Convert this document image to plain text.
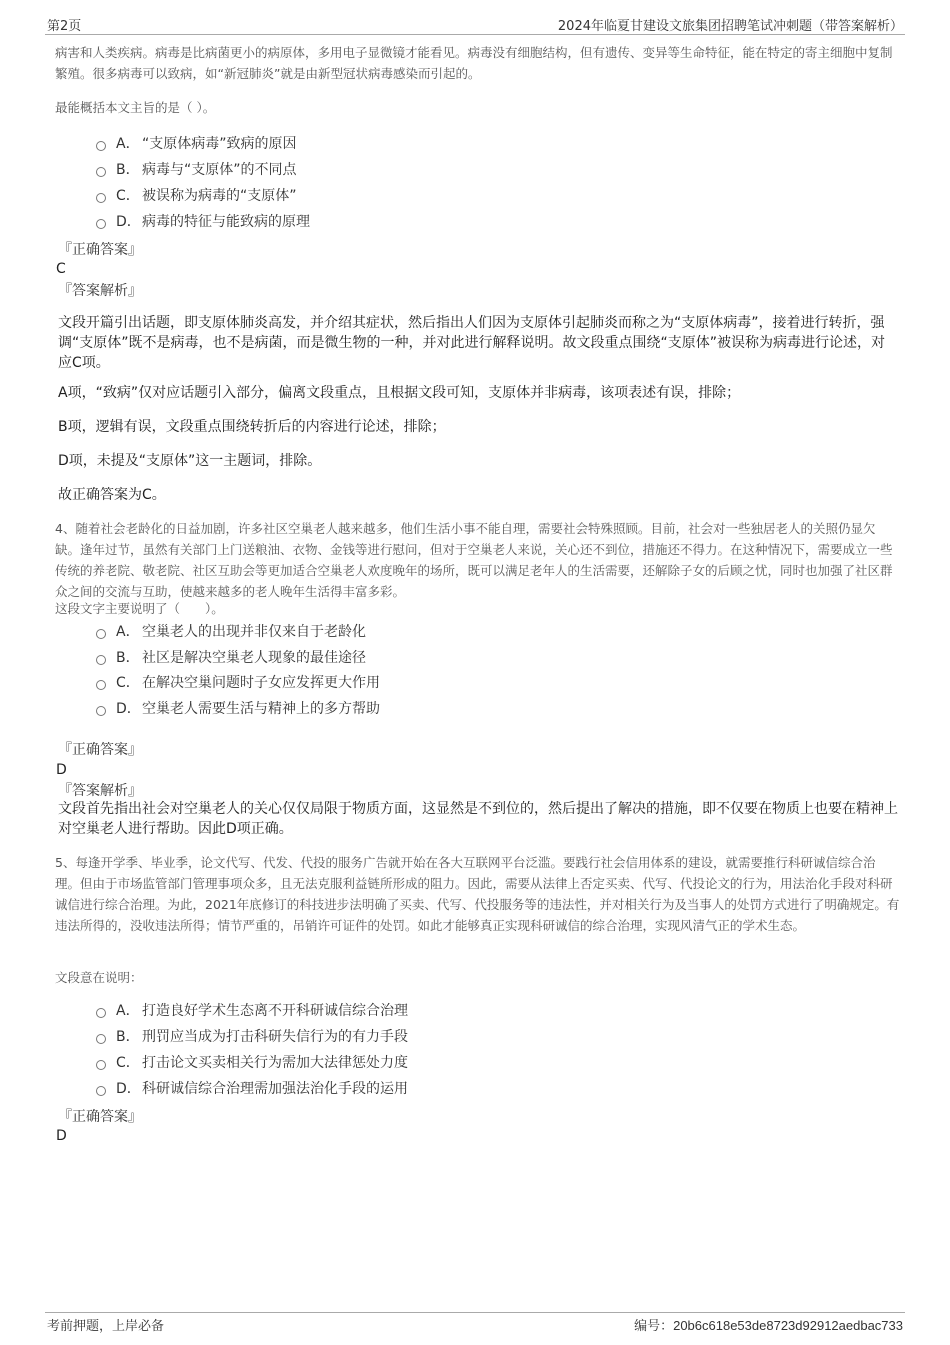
第2页	2024年临夏甘建设文旅集团招聘笔试冲刺题（带答案解析）
病害和人类疾病。病毒是比病菌更小的病原体，多用电子显微镜才能看见。病毒没有细胞结构，但有遗传、变异等生命特征，能在特定的寄主细胞中复制繁殖。很多病毒可以致病，如“新冠肺炎”就是由新型冠状病毒感染而引起的。
最能概括本文主旨的是（ ）。
A． “支原体病毒”致病的原因
B． 病毒与“支原体”的不同点
C． 被误称为病毒的“支原体”
D．病毒的特征与能致病的原理
『正确答案』
C
『答案解析』
文段开篇引出话题，即支原体肺炎高发，并介绍其症状，然后指出人们因为支原体引起肺炎而称之为“支原体病毒”，接着进行转折，强调“支原体”既不是病毒，也不是病菌，而是微生物的一种，并对此进行解释说明。故文段重点围绕“支原体”被误称为病毒进行论述，对应C项。
A项，“致病”仅对应话题引入部分，偏离文段重点，且根据文段可知，支原体并非病毒，该项表述有误，排除；
B项，逻辑有误，文段重点围绕转折后的内容进行论述，排除；
D项，未提及“支原体”这一主题词，排除。
故正确答案为C。
4、随着社会老龄化的日益加剧，许多社区空巢老人越来越多，他们生活小事不能自理，需要社会特殊照顾。目前，社会对一些独居老人的关照仍显欠缺。逢年过节，虽然有关部门上门送粮油、衣物、金钱等进行慰问，但对于空巢老人来说，关心还不到位，措施还不得力。在这种情况下，需要成立一些传统的养老院、敬老院、社区互助会等更加适合空巢老人欢度晚年的场所，既可以满足老年人的生活需要，还解除子女的后顾之忧，同时也加强了社区群众之间的交流与互助，使越来越多的老人晚年生活得丰富多彩。
这段文字主要说明了（　　）。
A． 空巢老人的出现并非仅来自于老龄化
B． 社区是解决空巢老人现象的最佳途径
C． 在解决空巢问题时子女应发挥更大作用
D．空巢老人需要生活与精神上的多方帮助
『正确答案』
D
『答案解析』
文段首先指出社会对空巢老人的关心仅仅局限于物质方面，这显然是不到位的，然后提出了解决的措施，即不仅要在物质上也要在精神上对空巢老人进行帮助。因此D项正确。
5、每逢开学季、毕业季，论文代写、代发、代投的服务广告就开始在各大互联网平台泛滥。要践行社会信用体系的建设，就需要推行科研诚信综合治理。但由于市场监管部门管理事项众多，且无法克服利益链所形成的阻力。因此，需要从法律上否定买卖、代写、代投论文的行为，用法治化手段对科研诚信进行综合治理。为此，2021年底修订的科技进步法明确了买卖、代写、代投服务等的违法性，并对相关行为及当事人的处罚方式进行了明确规定。有违法所得的，没收违法所得；情节严重的，吊销许可证件的处罚。如此才能够真正实现科研诚信的综合治理，实现风清气正的学术生态。
文段意在说明：
A． 打造良好学术生态离不开科研诚信综合治理
B． 刑罚应当成为打击科研失信行为的有力手段
C． 打击论文买卖相关行为需加大法律惩处力度
D．科研诚信综合治理需加强法治化手段的运用
『正确答案』
D
考前押题，上岸必备	编号：20b6c618e53de8723d92912aedbac733
